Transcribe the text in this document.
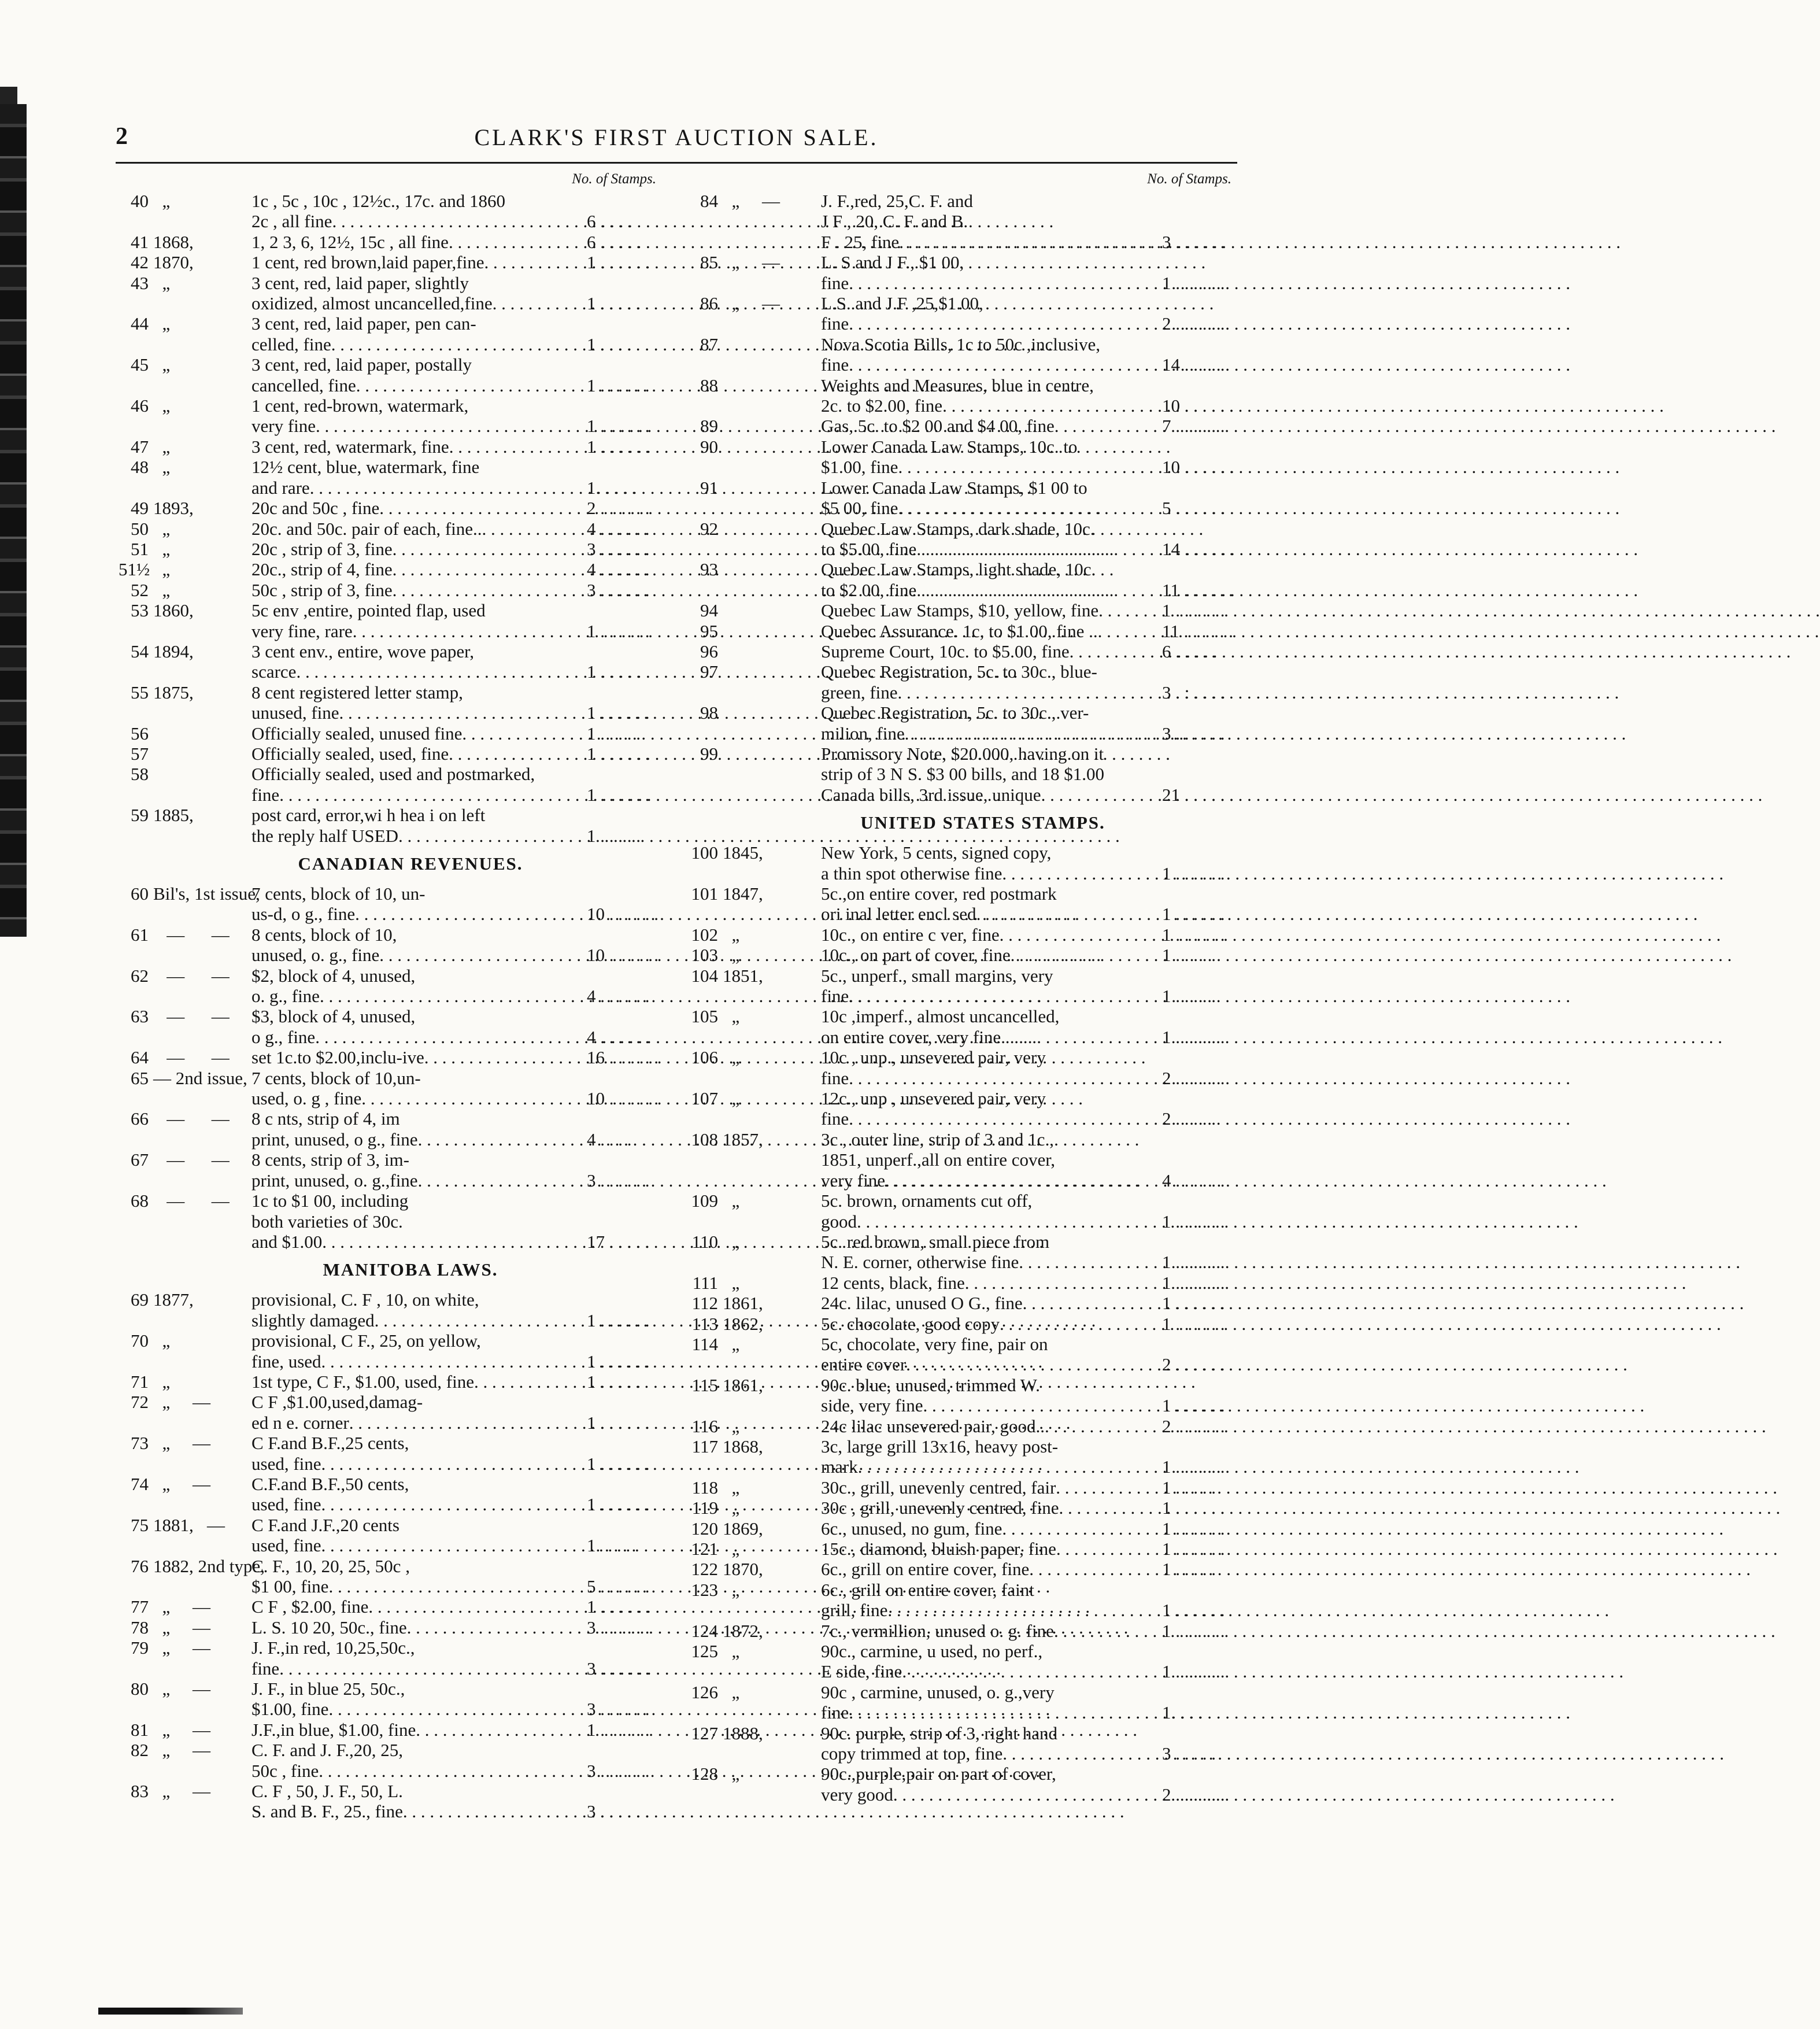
2	CLARK'S FIRST AUCTION SALE.
No. of Stamps.
40 „	1c , 5c , 10c , 12½c., 17c. and 1860
2c , all fine . . .	6 . . . .
41 1868,	1, 2 3, 6, 12½, 15c , all fine . . .	6 . . . . .
42 1870,	1 cent, red brown,laid paper,fine . . .	1 . . . . . .
43 „	3 cent, red, laid paper, slightly
oxidized, almost uncancelled,fine . . .	1 . . . . .
44 „	3 cent, red, laid paper, pen can-
celled, fine . . .	1 . . . .
45 „	3 cent, red, laid paper, postally
cancelled, fine . . .	1 . . . . . .
46 „	1 cent, red-brown, watermark,
very fine . . .	1 . . . . . .
47 „	3 cent, red, watermark, fine . . .	1 . . . . . .
48 „	12½ cent, blue, watermark, fine
and rare . . .	1. . . . .
49 1893,	20c and 50c , fine . . .	2 . . . . . .
50 „	20c. and 50c. pair of each, fine.. . . .	4 . . . . . .
51 „	20c , strip of 3, fine . . .	3 . . . . . .
51½ „	20c., strip of 4, fine . . .	4 . . . . . .
52 „	50c , strip of 3, fine . . .	3 . . . . . .
53 1860,	5c env ,entire, pointed flap, used
very fine, rare . . .	1 . . . . . .
54 1894,	3 cent env., entire, wove paper,
scarce . . .	1 . . . . .
55 1875,	8 cent registered letter stamp,
unused, fine . . .	1 . . . . . .
56	Officially sealed, unused fine . . .	1 . . . . .
57	Officially sealed, used, fine . . .	1 . . . . . .
58	Officially sealed, used and postmarked,
fine . . .	1 . . . . . .
59 1885,	post card, error,wi h hea i on left
the reply half USED . . .	1 . . . . .
CANADIAN REVENUES.
60 Bil's, 1st issue,
7 cents, block of 10, un-
us-d, o g., fine . . .	10 . . . . . .
61 —      —	8 cents, block of 10,
unused, o. g., fine . . .	10 . . . . . .
62 —      —	$2, block of 4, unused,
o. g., fine . . .	4 . . . . . .
63 —      —	$3, block of 4, unused,
o g., fine . . .	4 . . . . . .
64 —      —	set 1c.to $2.00,inclu-ive . . .	16 . . . . . .
65 — 2nd issue, 7 cents, block of 10,un-
used, o. g , fine . . .	10 . . . . . .
66 —      —	8 c nts, strip of 4, im
print, unused, o g., fine . . .	4 . . . .
67 —      —	8 cents, strip of 3, im-
print, unused, o. g.,fine . . .	3 . . . . . .
68 —      —	1c to $1 00, including
both varieties of 30c.
and $1.00 . . .	17 . . . . .
MANITOBA LAWS.
69 1877,	provisional, C. F , 10, on white,
slightly damaged . . .	1 . . . . . .
70 „	provisional, C F., 25, on yellow,
fine, used . . .	1 . . . . . .
71 „	1st type, C F., $1.00, used, fine . . .	1 . . . . .
72 „     —	C F ,$1.00,used,damag-
ed n e. corner . . .	1 . . . . . .
73 „     —	C F.and B.F.,25 cents,
used, fine . . .	1 . . . . . .
74 „     —	C.F.and B.F.,50 cents,
used, fine . . .	1 . . . . . .
75 1881,   —	C F.and J.F.,20 cents
used, fine . . .	1. . . . .
76 1882, 2nd type,
C. F., 10, 20, 25, 50c ,
$1 00, fine . . .	5 . . . . . .
77 „     —	C F , $2.00, fine . . .	1 . . . . . .
78 „     —	L. S. 10 20, 50c., fine . . .	3 . . . . . .
79 „     —	J. F.,in red, 10,25,50c.,
fine . . .	3 . . . . . .
80 „     —	J. F., in blue 25, 50c.,
$1.00, fine . . .	3 . . . . . .
81 „     —	J.F.,in blue, $1.00, fine . . .	1 . . . . . .
82 „     —	C. F. and J. F.,20, 25,
50c , fine . . .	3 . . . . . .
83 „     —	C. F , 50, J. F., 50, L.
S. and B. F., 25., fine . . .	3 . . . . . .
No. of Stamps.
84 „     —	J. F.,red, 25,C. F. and
J F , 20, C. F. and B.
F . 25, fine . . .	3 . . . . . .
85 „     —	L. S and J F., $1 00,
fine . . .	1 . . . . . .
86 „     —	L.S. and J.F ,25,$1.00,
fine . . .	2 . . . . . .
87	Nova Scotia Bills, 1c to 50c ,inclusive,
fine . . .	14 . . . . .
88	Weights and Measures, blue in centre,
2c. to $2.00, fine . . .	10 . . . . . .
89	Gas, 5c. to $2 00 and $4 00, fine . . .	7 . . . . . .
90	Lower Canada Law Stamps, 10c. to
$1.00, fine . . .	10 . . . . . .
91	Lower Canada Law Stamps, $1 00 to
$5 00, fine . . .	5 . . . . . .
92	Quebec Law Stamps, dark shade, 10c.
to $5.00, fine . . .	14 . . . . . .
93	Quebec Law Stamps, light shade, 10c.
to $2 00, fine . . .	11 . . . . . .
94	Quebec Law Stamps, $10, yellow, fine . . .	1 . . . . . .
95	Quebec Assurance. 1c, to $1 00, fine .. . . .	11 . . . . . .
96	Supreme Court, 10c. to $5.00, fine . . .	6 . . . . .
97	Quebec Registration, 5c. to 30c., blue-
green, fine . . .	3 . : . . . .
98	Quebec Registration, 5c. to 30c., ver-
milion, fine . . .	3 . . . . . .
99	Promissory Note, $20.000, having on it
strip of 3 N S. $3 00 bills, and 18 $1.00
Canada bills, 3rd issue, unique . . .	21 . . . . . .
UNITED STATES STAMPS.
100 1845,	New York, 5 cents, signed copy,
a thin spot otherwise fine . . .	1 . . . . . .
101 1847,	5c.,on entire cover, red postmark
ori inal letter encl sed . . .	1 . . . . . .
102 „	10c., on entire c ver, fine . . .	1 . . . . . .
103 „	10c., on part of cover, fine . . .	1 . . . . .
104 1851,	5c., unperf., small margins, very
fine . . .	1 . . . . .
105 „	10c ,imperf., almost uncancelled,
on entire cover, very fine . . .	1 . . . . . .
106 „	10c , unp., unsevered pair, very
fine . . .	2 . . . . . .
107 „	12c., unp , unsevered pair, very
fine . . .	2 . . . . .
108 1857,	3c , outer line, strip of 3 and 1c ,
1851, unperf.,all on entire cover,
very fine . . .	4 . . . . . .
109 „	5c. brown, ornaments cut off,
good . . .	1 . . . . . .
110 „	5c. red brown, small piece from
N. E. corner, otherwise fine . . .	1 . . . . . .
111 „	12 cents, black, fine . . .	1 . . . . . .
112 1861,	24c. lilac, unused O G., fine . . .	1 . . . . . .
113 1862,	5c. chocolate, good copy . . .	1 . . . . . .
114 „	5c, chocolate, very fine, pair on
entire cover . . .	2 . . . . . .
115 1861,	90c. blue, unused, trimmed W.
side, very fine . . .	1 . . . . . .
116 „	24c lilac unsevered pair, good.. . . .	2 . . . . . .
117 1868,	3c, large grill 13x16, heavy post-
mark . . .	1 . . . . . .
118 „	30c., grill, unevenly centred, fair . . .	1 . . . . .
119 „	30c , grill, unevenly centred, fine . . .	1 . . . . . .
120 1869,	6c., unused, no gum, fine . . .	1 . . . . . .
121 „	15c., diamond, bluish paper, fine . . .	1 . . . . . .
122 1870,	6c., grill on entire cover, fine . . .	1 . . . . .
123 „	6c., grill on entire cover, faint
grill, fine . . .	1 . . . . . .
124 1872,	7c., vermillion, unused o. g. fine . . .	1 . . . . . .
125 „	90c., carmine, u used, no perf.,
E side, fine . . .	1 . . . . . .
126 „	90c , carmine, unused, o. g.,very
fine . . .	1. . . .
127 1888,	90c. purple, strip of 3, right hand
copy trimmed at top, fine . . .	3 . . . . .
128 „	90c.,purple,pair on part of cover,
very good . . .	2 . . . . . .
